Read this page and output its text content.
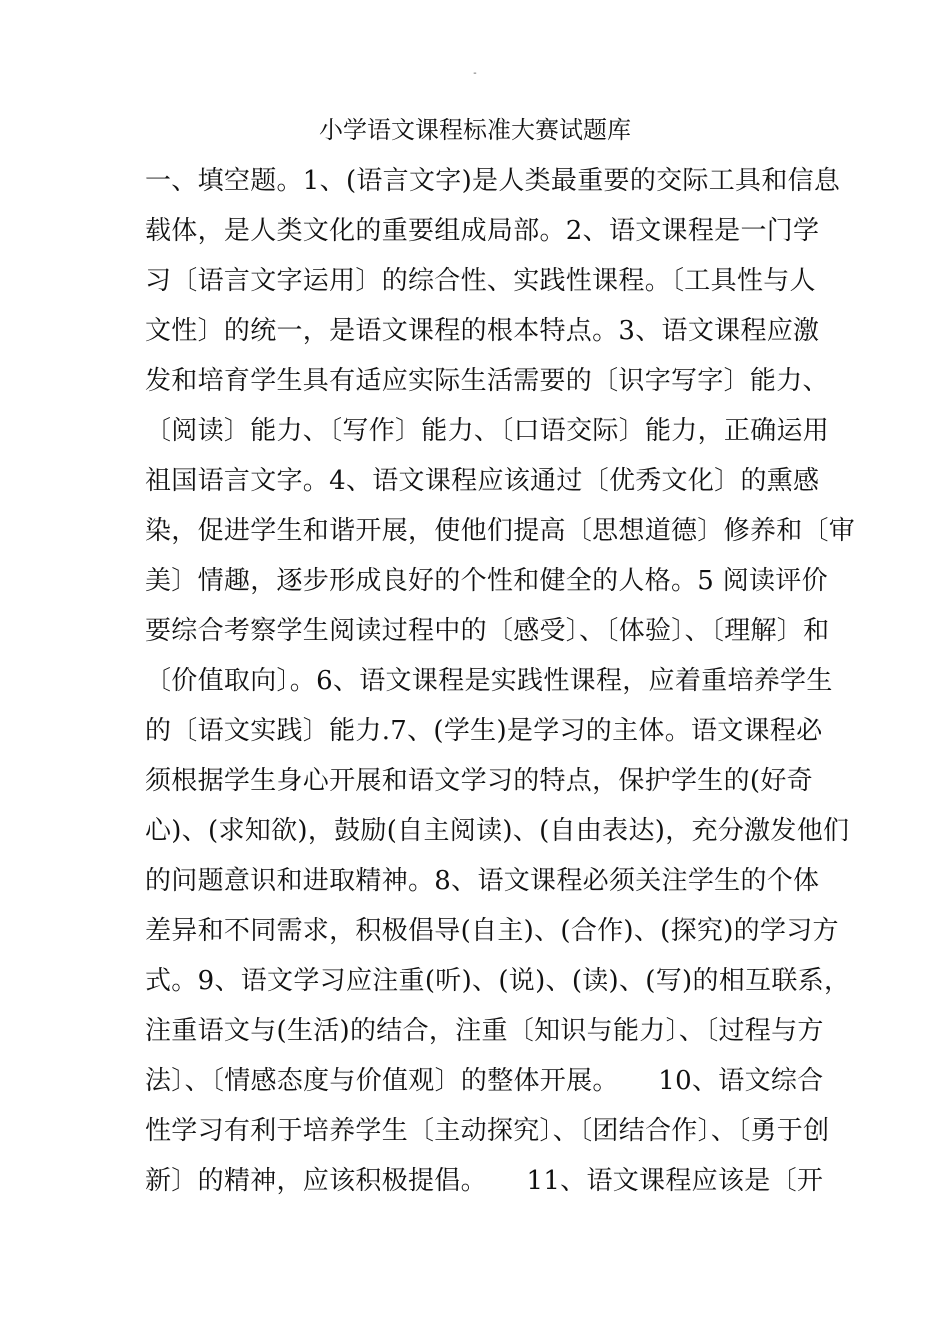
-
小学语文课程标准大赛试题库
一、填空题。1、(语言文字)是人类最重要的交际工具和信息
载体，是人类文化的重要组成局部。2、语文课程是一门学
习〔语言文字运用〕的综合性、实践性课程。〔工具性与人
文性〕的统一，是语文课程的根本特点。3、语文课程应激
发和培育学生具有适应实际生活需要的〔识字写字〕能力、
〔阅读〕能力、〔写作〕能力、〔口语交际〕能力，正确运用
祖国语言文字。4、语文课程应该通过〔优秀文化〕的熏感
染，促进学生和谐开展，使他们提高〔思想道德〕修养和〔审
美〕情趣，逐步形成良好的个性和健全的人格。5 阅读评价
要综合考察学生阅读过程中的〔感受〕、〔体验〕、〔理解〕和
〔价值取向〕。6、语文课程是实践性课程，应着重培养学生
的〔语文实践〕能力.7、(学生)是学习的主体。语文课程必
须根据学生身心开展和语文学习的特点，保护学生的(好奇
心)、(求知欲)，鼓励(自主阅读)、(自由表达)，充分激发他们
的问题意识和进取精神。8、语文课程必须关注学生的个体
差异和不同需求，积极倡导(自主)、(合作)、(探究)的学习方
式。9、语文学习应注重(听)、(说)、(读)、(写)的相互联系，
注重语文与(生活)的结合，注重〔知识与能力〕、〔过程与方
法〕、〔情感态度与价值观〕的整体开展。　　10、语文综合
性学习有利于培养学生〔主动探究〕、〔团结合作〕、〔勇于创
新〕的精神，应该积极提倡。　　11、语文课程应该是〔开
